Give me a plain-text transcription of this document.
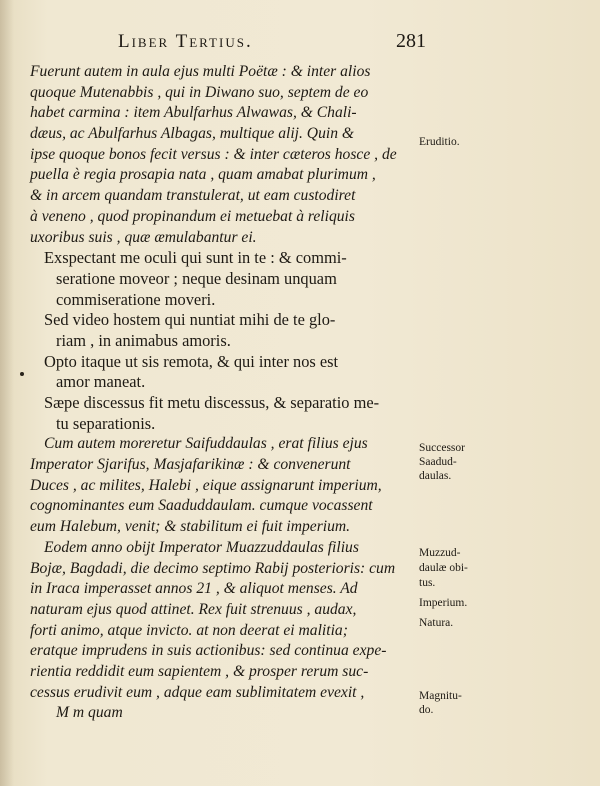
Liber Tertius.	281
Fuerunt autem in aula ejus multi Poëtæ : & inter alios
quoque Mutenabbis , qui in Diwano suo, septem de eo
habet carmina : item Abulfarhus Alwawas, & Chali-
dæus, ac Abulfarhus Albagas, multique alij. Quin &
ipse quoque bonos fecit versus : & inter cæteros hosce , de
puella è regia prosapia nata , quam amabat plurimum ,
& in arcem quandam transtulerat, ut eam custodiret
à veneno , quod propinandum ei metuebat à reliquis
uxoribus suis , quæ æmulabantur ei.
Exspectant me oculi qui sunt in te : & commi-
seratione moveor ; neque desinam unquam
commiseratione moveri.
Sed video hostem qui nuntiat mihi de te glo-
riam , in animabus amoris.
Opto itaque ut sis remota, & qui inter nos est
amor maneat.
Sæpe discessus fit metu discessus, & separatio me-
tu separationis.
Cum autem moreretur Saifuddaulas , erat filius ejus
Imperator Sjarifus, Masjafarikinæ : & convenerunt
Duces , ac milites, Halebi , eique assignarunt imperium,
cognominantes eum Saaduddaulam. cumque vocassent
eum Halebum, venit; & stabilitum ei fuit imperium.
Eodem anno obijt Imperator Muazzuddaulas filius
Bojæ, Bagdadi, die decimo septimo Rabij posterioris: cum
in Iraca imperasset annos 21 , & aliquot menses. Ad
naturam ejus quod attinet. Rex fuit strenuus , audax,
forti animo, atque invicto. at non deerat ei malitia;
eratque imprudens in suis actionibus: sed continua expe-
rientia reddidit eum sapientem , & prosper rerum suc-
cessus erudivit eum , adque eam sublimitatem evexit ,
M m quam
Eruditio.
Successor
Saadud-
daulas.
Muzzud-
daulæ obi-
tus.
Imperium.
Natura.
Magnitu-
do.
